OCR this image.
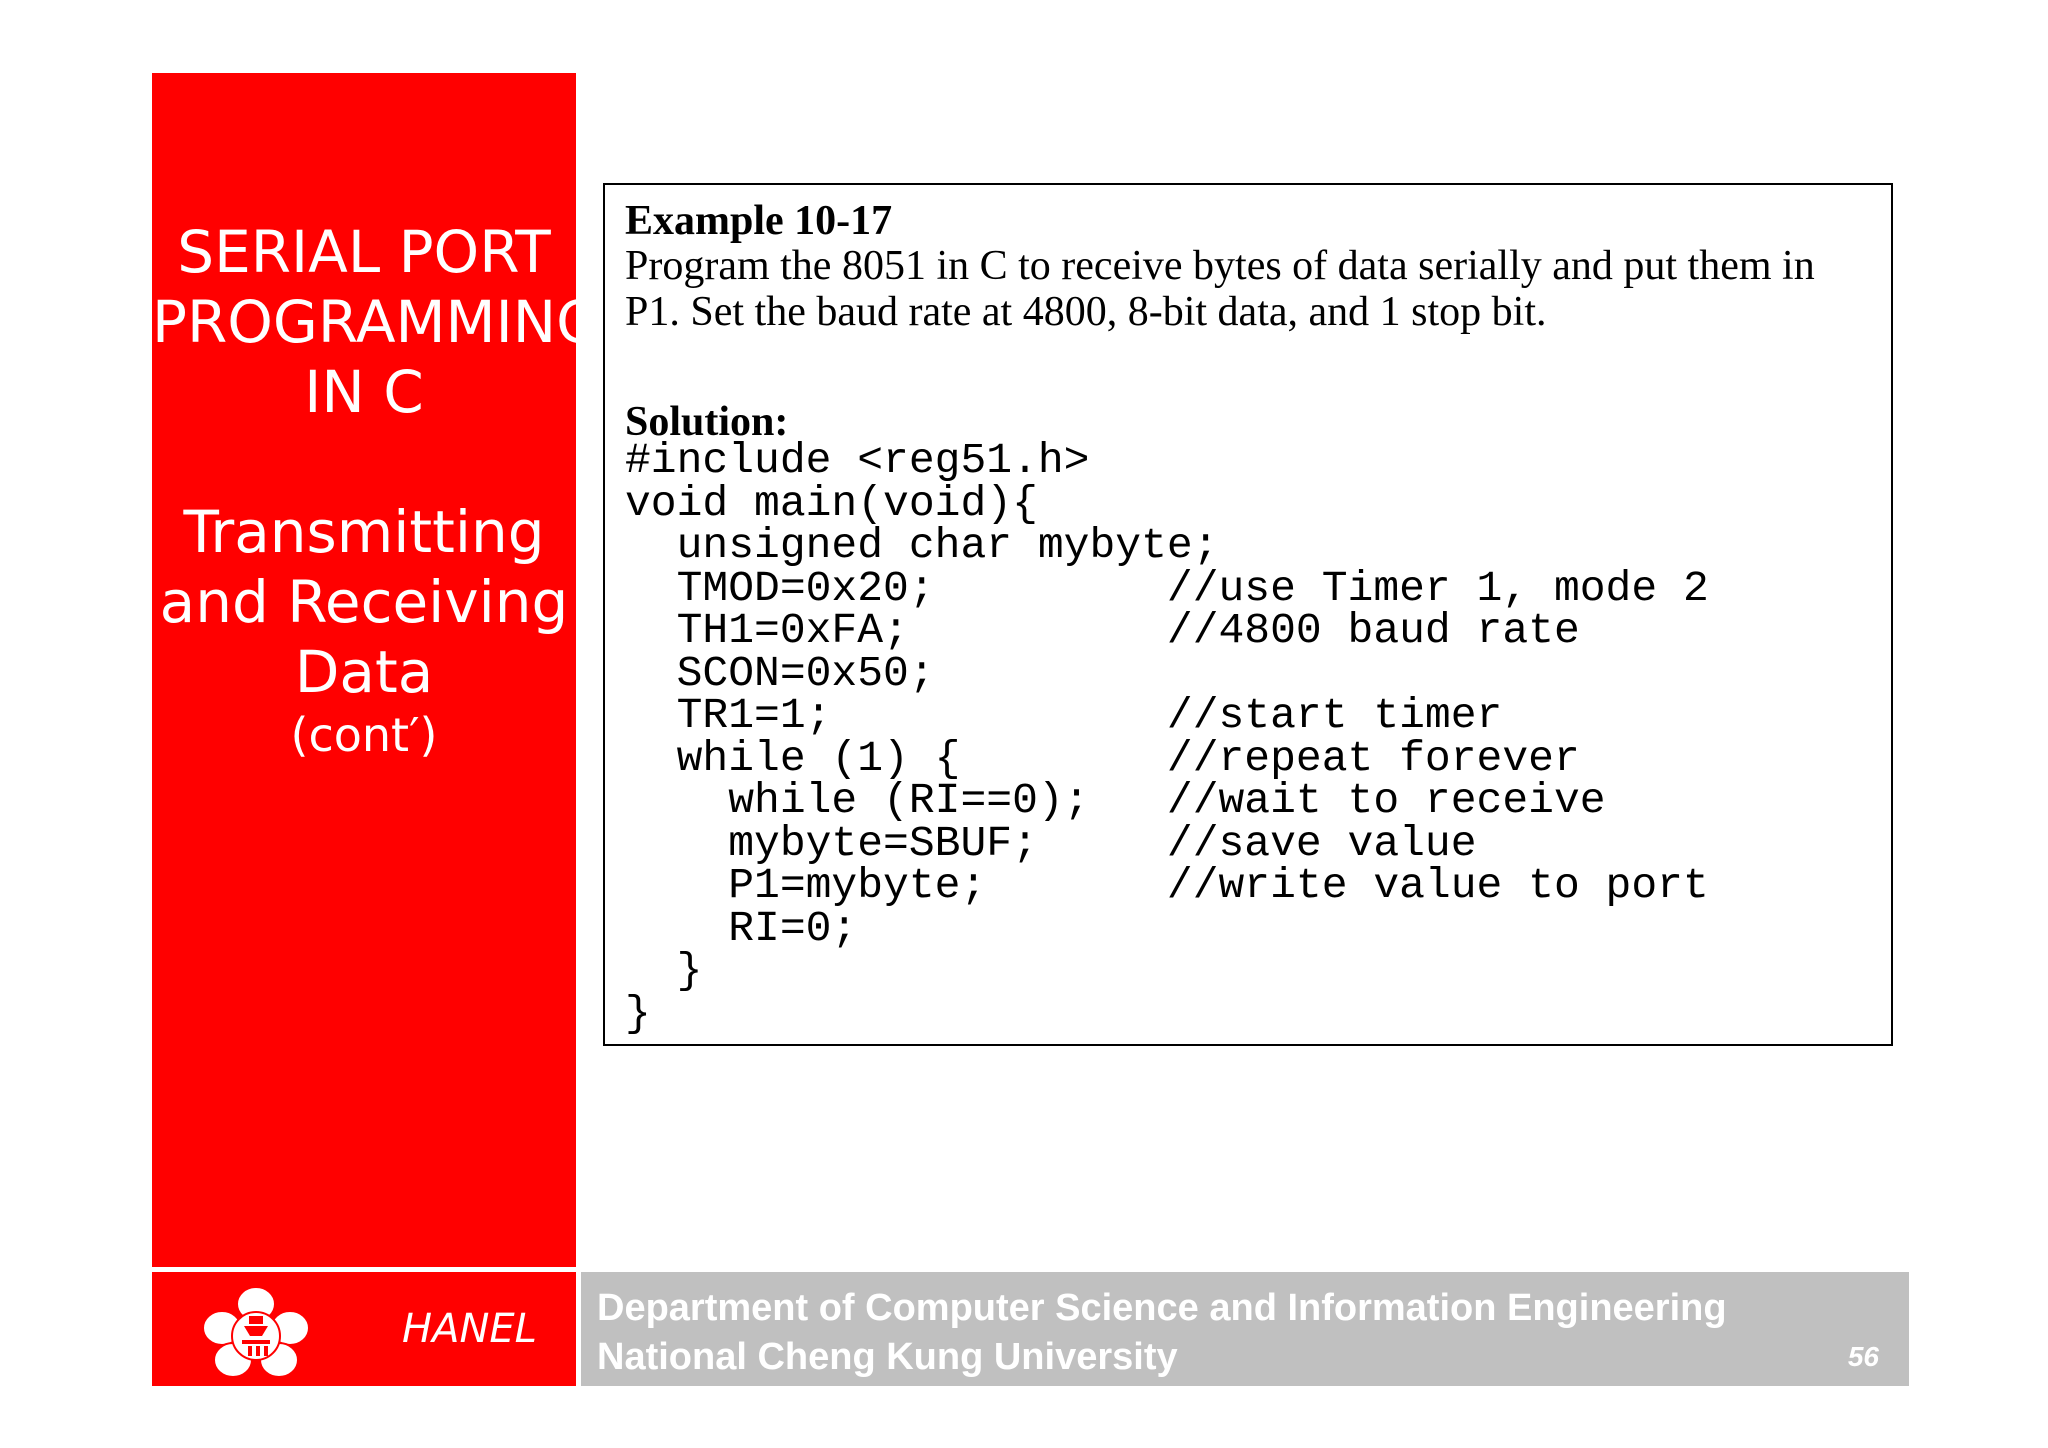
SERIAL PORT
PROGRAMMING
IN C
Transmitting
and Receiving
Data
(cont′)
Example 10-17
Program the 8051 in C to receive bytes of data serially and put them in P1. Set the baud rate at 4800, 8-bit data, and 1 stop bit.
Solution:
#include <reg51.h>
void main(void){
unsigned char mybyte;
TMOD=0x20;         //use Timer 1, mode 2
TH1=0xFA;          //4800 baud rate
SCON=0x50;
TR1=1;             //start timer
while (1) {        //repeat forever
while (RI==0);   //wait to receive
mybyte=SBUF;     //save value
P1=mybyte;       //write value to port
RI=0;
}
}
HANEL Department of Computer Science and Information Engineering
National Cheng Kung University	56
